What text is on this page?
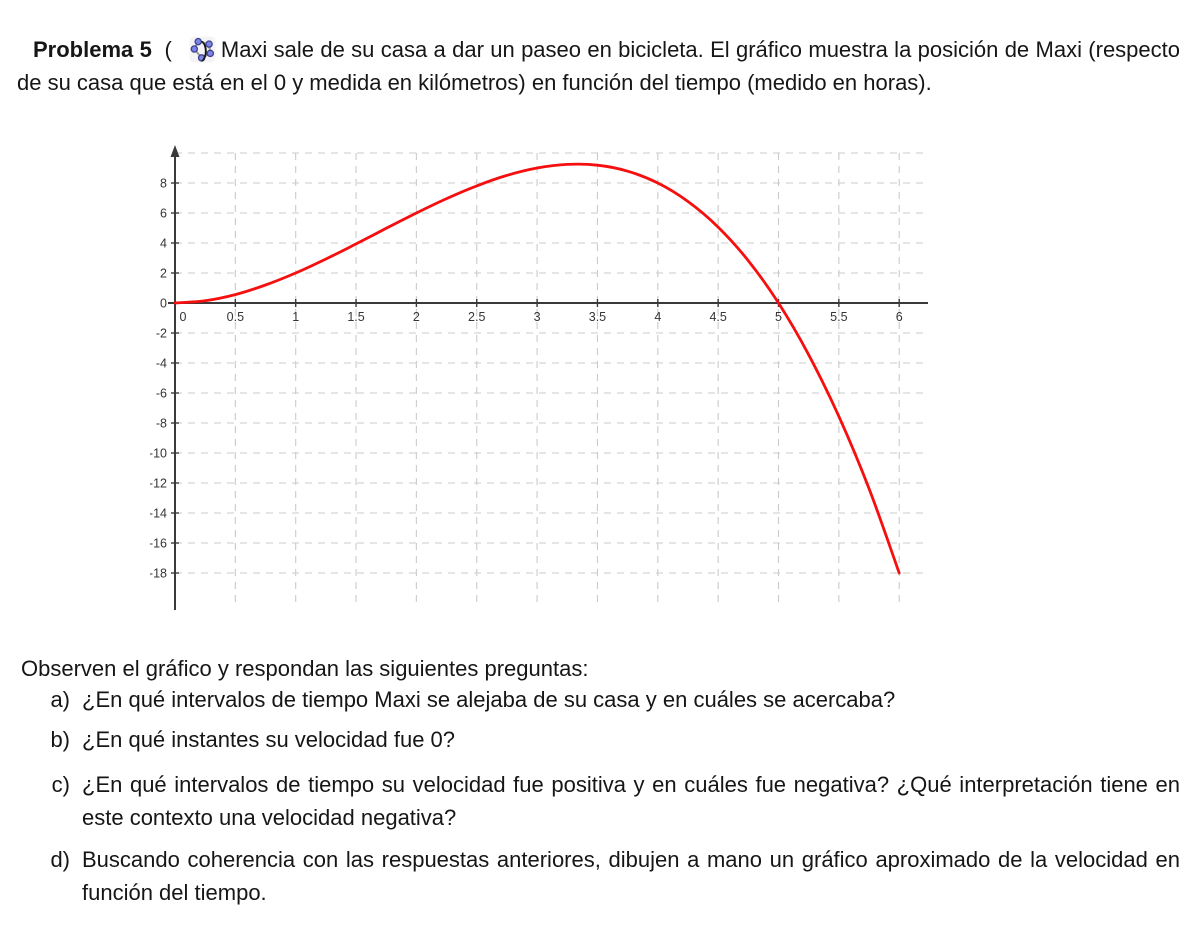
Problema 5 ( ) Maxi sale de su casa a dar un paseo en bicicleta. El gráfico muestra la posición de Maxi (respecto de su casa que está en el 0 y medida en kilómetros) en función del tiempo (medido en horas).

0	0.5	1	1.5	2	2.5	3	3.5	4	4.5	5	5.5	6
8
6
4
2
0
-2
-4
-6
-8
-10
-12
-14
-16
-18

Observen el gráfico y respondan las siguientes preguntas:

a) ¿En qué intervalos de tiempo Maxi se alejaba de su casa y en cuáles se acercaba?
b) ¿En qué instantes su velocidad fue 0?
c) ¿En qué intervalos de tiempo su velocidad fue positiva y en cuáles fue negativa? ¿Qué interpretación tiene en este contexto una velocidad negativa?
d) Buscando coherencia con las respuestas anteriores, dibujen a mano un gráfico aproximado de la velocidad en función del tiempo.
